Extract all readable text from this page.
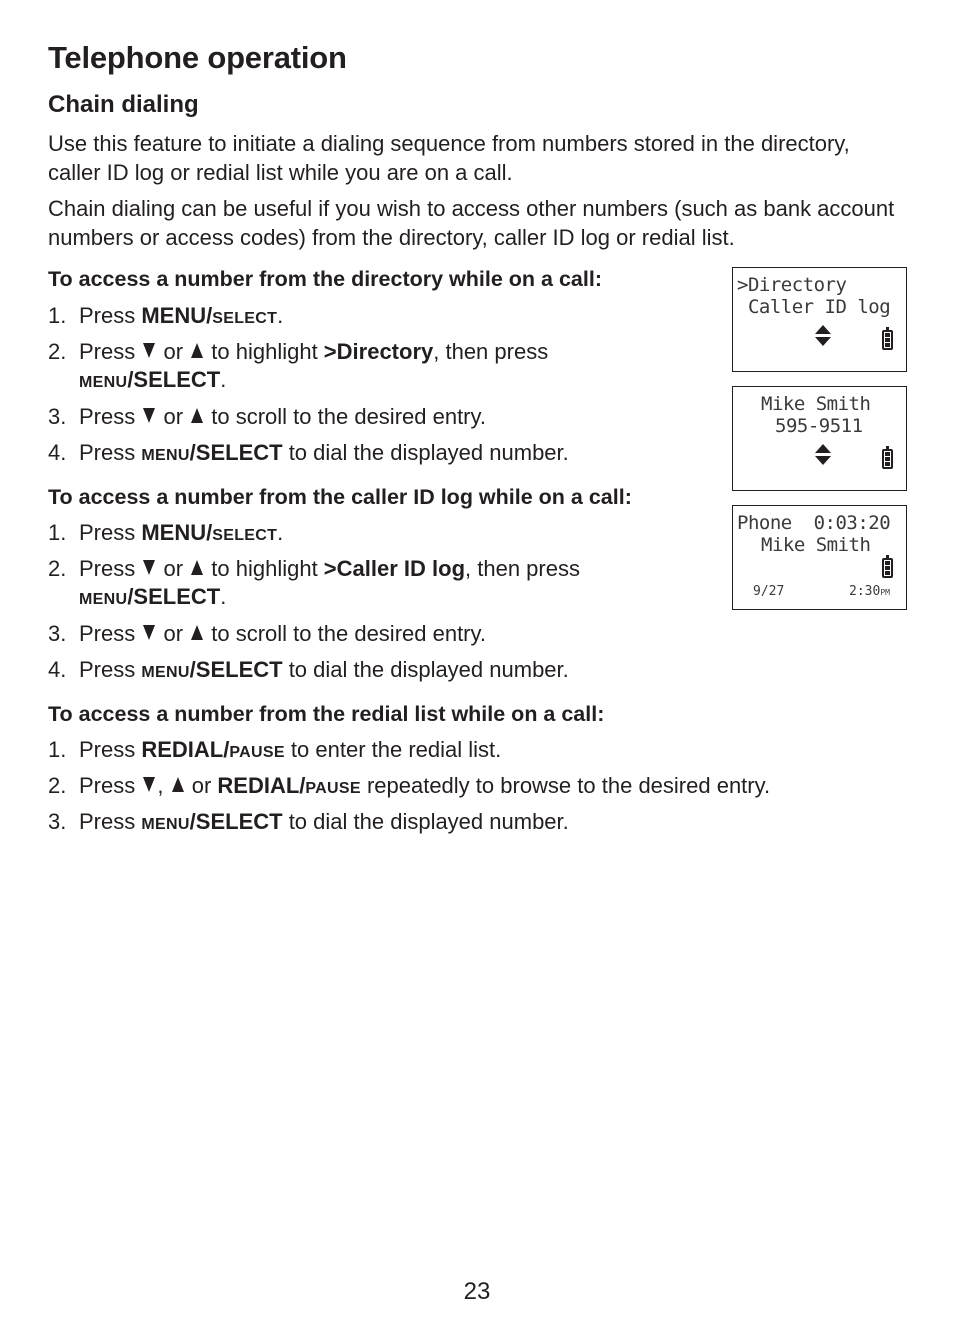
Telephone operation
Chain dialing

Use this feature to initiate a dialing sequence from numbers stored in the directory, caller ID log or redial list while you are on a call.

Chain dialing can be useful if you wish to access other numbers (such as bank account numbers or access codes) from the directory, caller ID log or redial list.

To access a number from the directory while on a call:

1. Press MENU/SELECT.

2. Press  or  to highlight >Directory, then press
MENU/SELECT.

3. Press  or  to scroll to the desired entry.

4. Press MENU/SELECT to dial the displayed number.

To access a number from the caller ID log while on a call:

1. Press MENU/SELECT.

2. Press  or  to highlight >Caller ID log, then press
MENU/SELECT.

3. Press  or  to scroll to the desired entry.

4. Press MENU/SELECT to dial the displayed number.

To access a number from the redial list while on a call:

1. Press REDIAL/PAUSE to enter the redial list.

2. Press ,  or REDIAL/PAUSE repeatedly to browse to the desired entry.

3. Press MENU/SELECT to dial the displayed number.

>Directory
Caller ID log
Mike Smith
595-9511
Phone  0:03:20
Mike Smith
9/27	2:30PM
23
